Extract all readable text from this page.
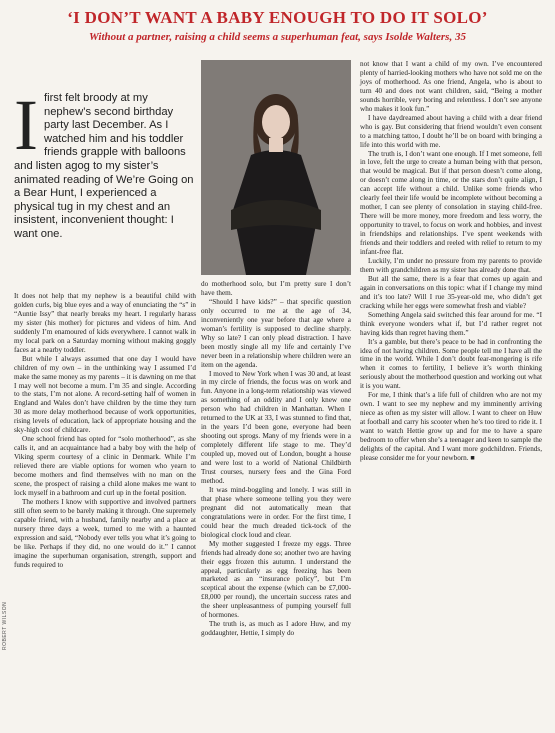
‘I DON’T WANT A BABY ENOUGH TO DO IT SOLO’
Without a partner, raising a child seems a superhuman feat, says Isolde Walters, 35
I first felt broody at my nephew’s second birthday party last December. As I watched him and his toddler friends grapple with balloons and listen agog to my sister’s animated reading of We’re Going on a Bear Hunt, I experienced a physical tug in my chest and an insistent, inconvenient thought: I want one.

It does not help that my nephew is a beautiful child with golden curls, big blue eyes and a way of enunciating the “s” in “Auntie Issy” that nearly breaks my heart. I regularly harass my sister (his mother) for pictures and videos of him. And suddenly I’m enamoured of kids everywhere. I cannot walk in my local park on a Saturday morning without making goggly faces at a nearby toddler.

But while I always assumed that one day I would have children of my own – in the unthinking way I assumed I’d make the same money as my parents – it is dawning on me that I may well not become a mum. I’m 35 and single. According to the stats, I’m not alone. A record-setting half of women in England and Wales don’t have children by the time they turn 30 as more delay motherhood because of work opportunities, rising levels of education, lack of appropriate housing and the sky-high cost of childcare.

One school friend has opted for “solo motherhood”, as she calls it, and an acquaintance had a baby boy with the help of Viking sperm courtesy of a clinic in Denmark. While I’m relieved there are viable options for women who yearn to become mothers and find themselves with no man on the scene, the prospect of raising a child alone makes me want to lock myself in a bathroom and curl up in the foetal position.

The mothers I know with supportive and involved partners still often seem to be barely making it through. One supremely capable friend, with a husband, family nearby and a place at nursery three days a week, turned to me with a haunted expression and said, “Nobody ever tells you what it’s going to be like. Perhaps if they did, no one would do it.” I cannot imagine the superhuman organisation, strength, support and funds required to

do motherhood solo, but I’m pretty sure I don’t have them.

“Should I have kids?” – that specific question only occurred to me at the age of 34, inconveniently one year before that age where a woman’s fertility is supposed to decline sharply. Why so late? I can only plead distraction. I have been mostly single all my life and certainly I’ve never been in a relationship where children were an item on the agenda.

I moved to New York when I was 30 and, at least in my circle of friends, the focus was on work and fun. Anyone in a long-term relationship was viewed as something of an oddity and I only knew one person who had children in Manhattan. When I returned to the UK at 33, I was stunned to find that, in the years I’d been gone, everyone had been shooting out sprogs. Many of my friends were in a completely different life stage to me. They’d coupled up, moved out of London, bought a house and were lost to a world of National Childbirth Trust courses, nursery fees and the Gina Ford method.

It was mind-boggling and lonely. I was still in that phase where someone telling you they were pregnant did not automatically mean that congratulations were in order. For the first time, I could hear the much dreaded tick-tock of the biological clock loud and clear.

My mother suggested I freeze my eggs. Three friends had already done so; another two are having their eggs frozen this autumn. I understand the appeal, particularly as egg freezing has been marketed as an “insurance policy”, but I’m sceptical about the expense (which can be £7,000-£8,000 per round), the uncertain success rates and the sheer unpleasantness of pumping yourself full of hormones.

The truth is, as much as I adore Huw, and my goddaughter, Hettie, I simply do

not know that I want a child of my own. I’ve encountered plenty of harried-looking mothers who have not sold me on the joys of motherhood. As one friend, Angela, who is about to turn 40 and does not want children, said, “Being a mother sounds horrible, very boring and relentless. I don’t see anyone who makes it look fun.”

I have daydreamed about having a child with a dear friend who is gay. But considering that friend wouldn’t even consent to a matching tattoo, I doubt he’ll be on board with bringing a life into this world with me.

The truth is, I don’t want one enough. If I met someone, fell in love, felt the urge to create a human being with that person, that would be magical. But if that person doesn’t come along, or doesn’t come along in time, or the stars don’t quite align, I can accept life without a child. Unlike some friends who clearly feel their life would be incomplete without becoming a mother, I can see plenty of consolation in staying child-free. There will be more money, more freedom and less worry, the opportunity to travel, to focus on work and hobbies, and invest in friendships and relationships. I’ve spent weekends with friends and their toddlers and reeled with relief to return to my infant-free flat.

Luckily, I’m under no pressure from my parents to provide them with grandchildren as my sister has already done that.

But all the same, there is a fear that comes up again and again in conversations on this topic: what if I change my mind and it’s too late? Will I rue 35-year-old me, who didn’t get cracking while her eggs were somewhat fresh and viable?

Something Angela said switched this fear around for me. “I think everyone wonders what if, but I’d rather regret not having kids than regret having them.”

It’s a gamble, but there’s peace to be had in confronting the idea of not having children. Some people tell me I have all the time in the world. While I don’t doubt fear-mongering is rife when it comes to fertility, I believe it’s worth thinking seriously about the motherhood question and working out what it is you want.

For me, I think that’s a life full of children who are not my own. I want to see my nephew and my imminently arriving niece as often as my sister will allow. I want to cheer on Huw at football and carry his scooter when he’s too tired to ride it. I want to watch Hettie grow up and for me to have a spare bedroom to offer when she’s a teenager and keen to sample the delights of the capital. And I want more godchildren. Friends, please consider me for your newborn. ■

ROBERT WILSON
